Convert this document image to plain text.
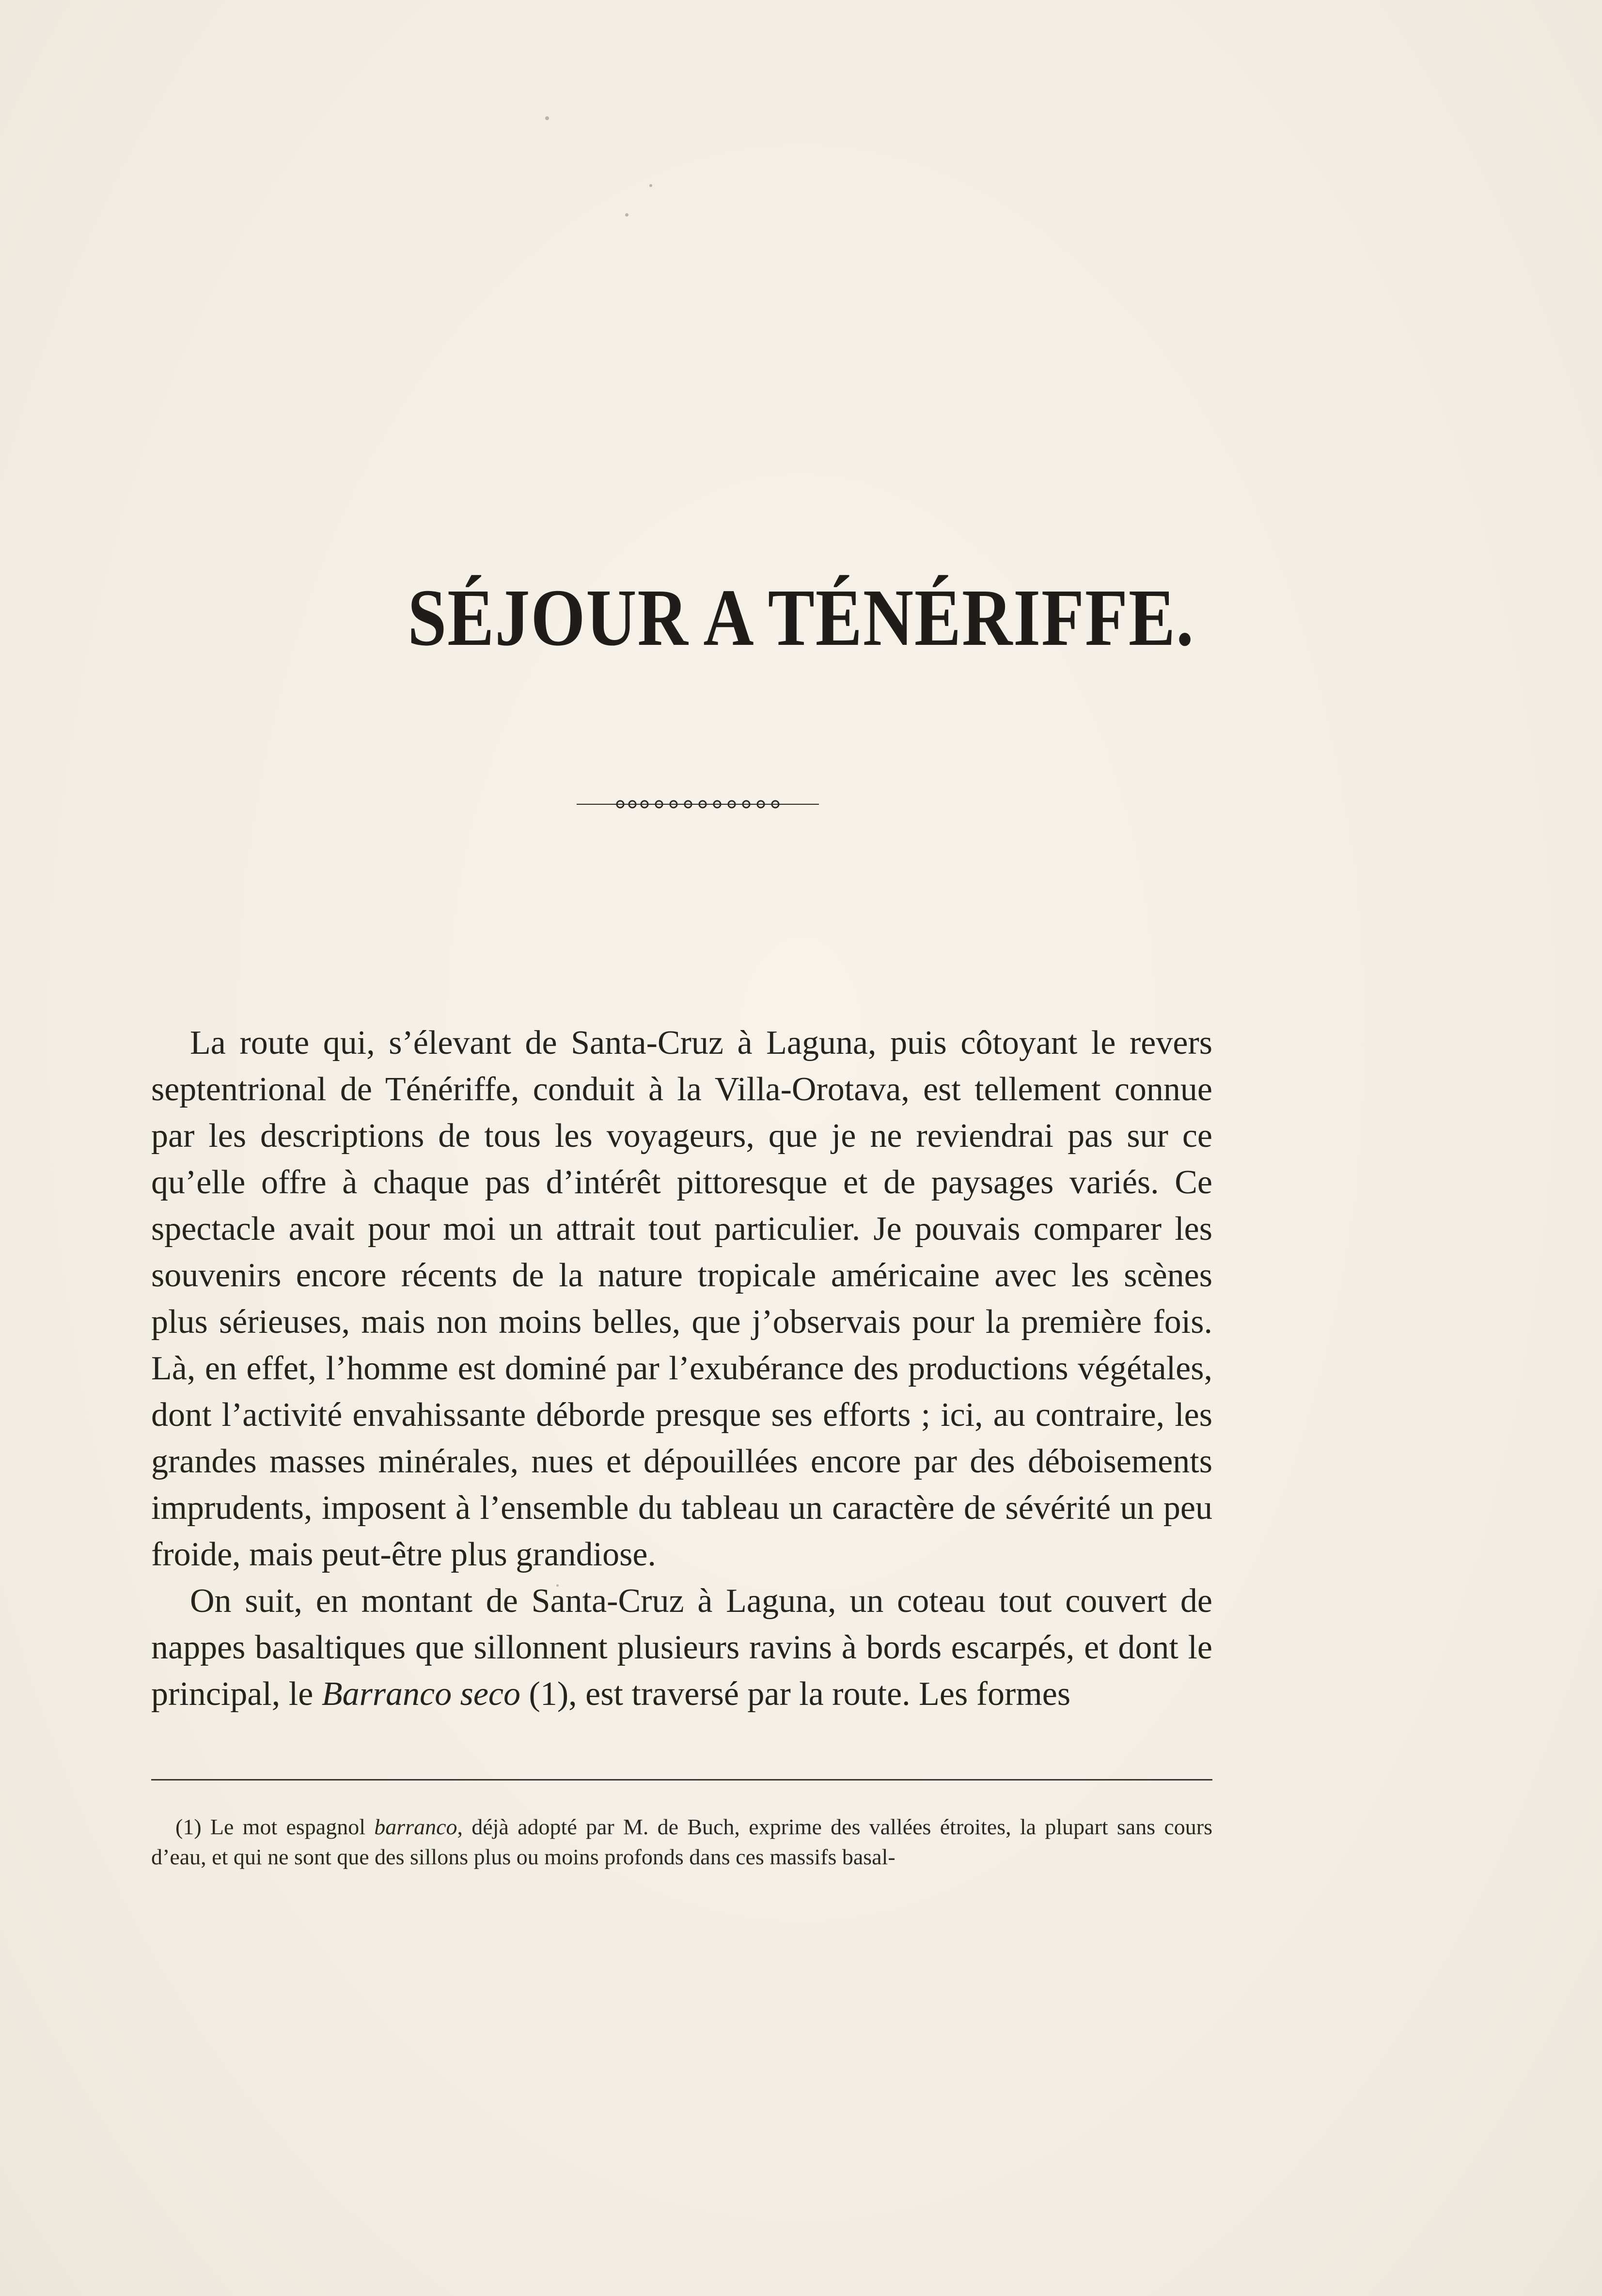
SÉJOUR A TÉNÉRIFFE.

La route qui, s’élevant de Santa-Cruz à Laguna, puis côtoyant le revers septentrional de Ténériffe, conduit à la Villa-Orotava, est tellement connue par les descriptions de tous les voyageurs, que je ne reviendrai pas sur ce qu’elle offre à chaque pas d’intérêt pittoresque et de paysages variés. Ce spectacle avait pour moi un attrait tout particulier. Je pouvais comparer les souvenirs encore récents de la nature tropicale américaine avec les scènes plus sérieuses, mais non moins belles, que j’observais pour la première fois. Là, en effet, l’homme est dominé par l’exubérance des productions végétales, dont l’activité envahissante déborde presque ses efforts ; ici, au contraire, les grandes masses minérales, nues et dépouillées encore par des déboisements imprudents, imposent à l’ensemble du tableau un caractère de sévérité un peu froide, mais peut-être plus grandiose.

On suit, en montant de Santa-Cruz à Laguna, un coteau tout couvert de nappes basaltiques que sillonnent plusieurs ravins à bords escarpés, et dont le principal, le Barranco seco (1), est traversé par la route. Les formes

(1) Le mot espagnol barranco, déjà adopté par M. de Buch, exprime des vallées étroites, la plupart sans cours d’eau, et qui ne sont que des sillons plus ou moins profonds dans ces massifs basal-
